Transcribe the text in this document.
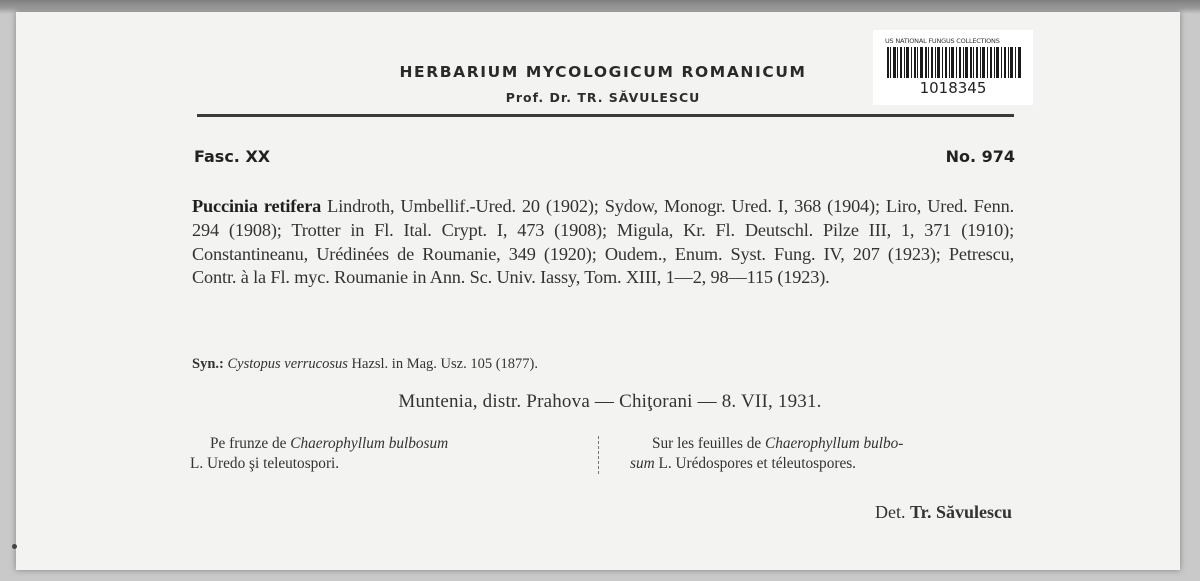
HERBARIUM MYCOLOGICUM ROMANICUM
Prof. Dr. TR. SĂVULESCU
US NATIONAL FUNGUS COLLECTIONS
1018345
Fasc. XX	No. 974
Puccinia retifera Lindroth, Umbellif.-Ured. 20 (1902); Sydow, Monogr. Ured. I, 368 (1904); Liro, Ured. Fenn. 294 (1908); Trotter in Fl. Ital. Crypt. I, 473 (1908); Migula, Kr. Fl. Deutschl. Pilze III, 1, 371 (1910); Constantineanu, Urédinées de Roumanie, 349 (1920); Oudem., Enum. Syst. Fung. IV, 207 (1923); Petrescu, Contr. à la Fl. myc. Roumanie in Ann. Sc. Univ. Iassy, Tom. XIII, 1—2, 98—115 (1923).
Syn.: Cystopus verrucosus Hazsl. in Mag. Usz. 105 (1877).
Muntenia, distr. Prahova — Chiţorani — 8. VII, 1931.
Pe frunze de Chaerophyllum bulbosum
L. Uredo şi teleutospori.
Sur les feuilles de Chaerophyllum bulbo-
sum L. Urédospores et téleutospores.
Det. Tr. Săvulescu
